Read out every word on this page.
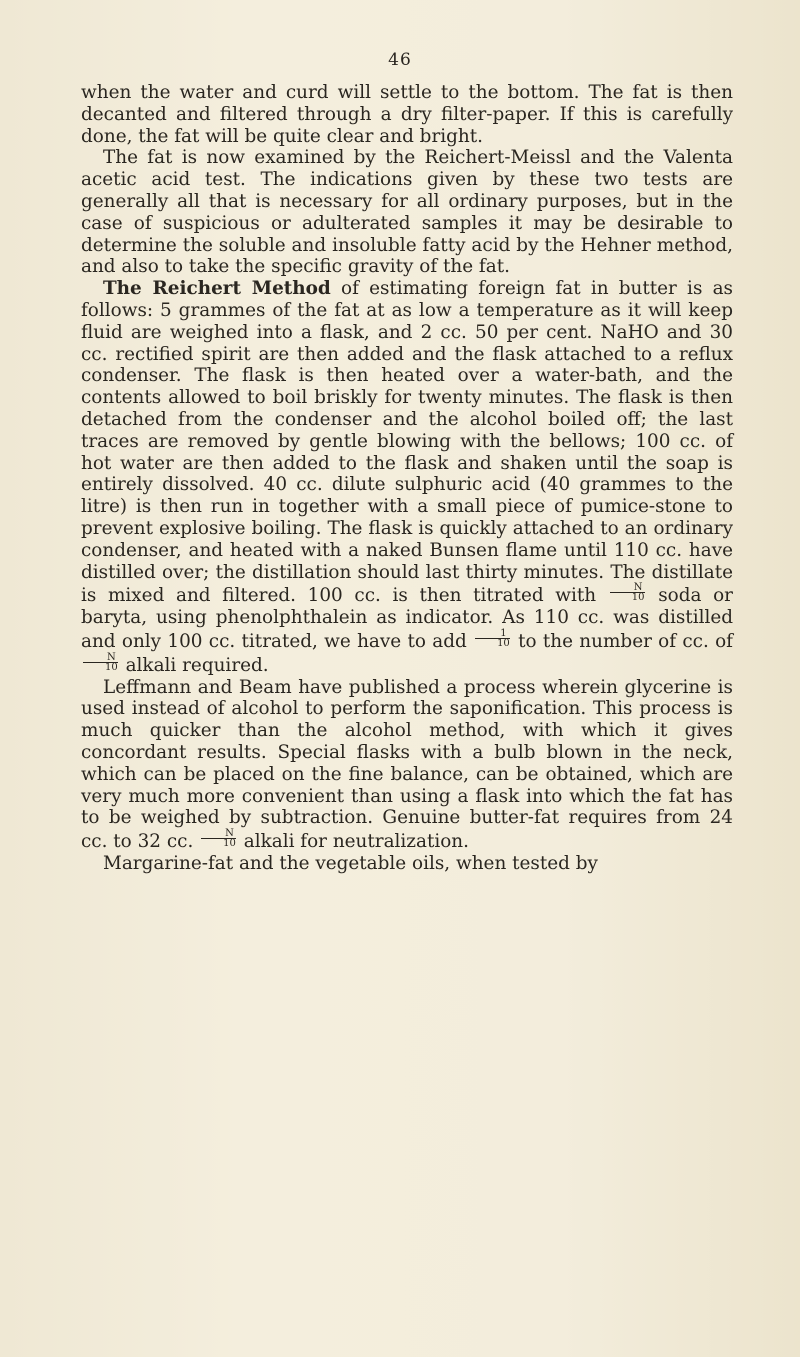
46

when the water and curd will settle to the bottom. The fat is then decanted and filtered through a dry filter-paper. If this is carefully done, the fat will be quite clear and bright.

The fat is now examined by the Reichert-Meissl and the Valenta acetic acid test. The indications given by these two tests are generally all that is necessary for all ordinary purposes, but in the case of suspicious or adulterated samples it may be desirable to determine the soluble and insoluble fatty acid by the Hehner method, and also to take the specific gravity of the fat.

The Reichert Method of estimating foreign fat in butter is as follows: 5 grammes of the fat at as low a temperature as it will keep fluid are weighed into a flask, and 2 cc. 50 per cent. NaHO and 30 cc. rectified spirit are then added and the flask attached to a reflux condenser. The flask is then heated over a water-bath, and the contents allowed to boil briskly for twenty minutes. The flask is then detached from the condenser and the alcohol boiled off; the last traces are removed by gentle blowing with the bellows; 100 cc. of hot water are then added to the flask and shaken until the soap is entirely dissolved. 40 cc. dilute sulphuric acid (40 grammes to the litre) is then run in together with a small piece of pumice-stone to prevent explosive boiling. The flask is quickly attached to an ordinary condenser, and heated with a naked Bunsen flame until 110 cc. have distilled over; the distillation should last thirty minutes. The distillate is mixed and filtered. 100 cc. is then titrated with $\frac{N}{10}$ soda or baryta, using phenolphthalein as indicator. As 110 cc. was distilled and only 100 cc. titrated, we have to add $\frac{1}{10}$ to the number of cc. of
$\frac{N}{10}$ alkali required.

Leffmann and Beam have published a process wherein glycerine is used instead of alcohol to perform the saponification. This process is much quicker than the alcohol method, with which it gives concordant results. Special flasks with a bulb blown in the neck, which can be placed on the fine balance, can be obtained, which are very much more convenient than using a flask into which the fat has to be weighed by subtraction. Genuine butter-fat requires from 24 cc. to 32 cc. $\frac{N}{10}$ alkali for neutralization.

Margarine-fat and the vegetable oils, when tested by
